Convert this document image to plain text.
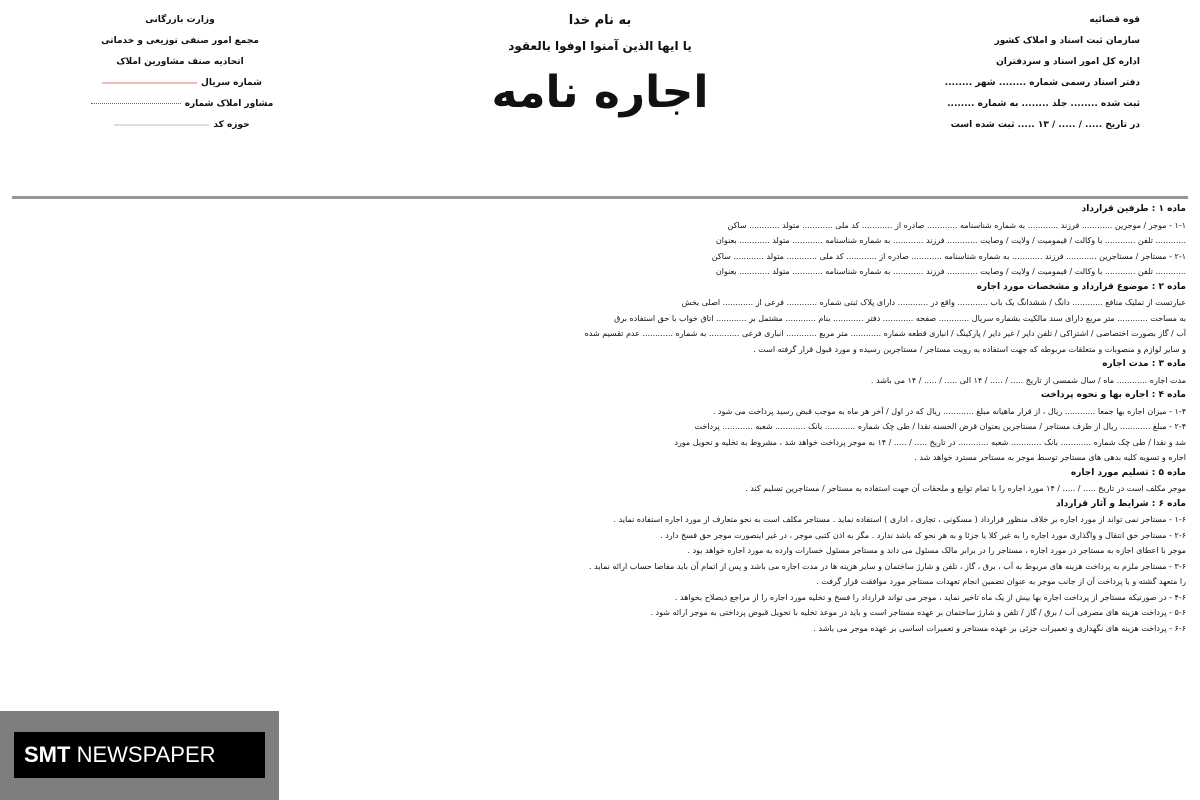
قوه قضائیه
سازمان ثبت اسناد و املاک کشور
اداره کل امور اسناد و سردفتران
دفتر اسناد رسمی شماره ........ شهر ........
ثبت شده ........ جلد ........ به شماره ........
در تاریخ ..... / ..... / ۱۳ ..... ثبت شده است
به نام خدا
یا ایها الذین آمنوا اوفوا بالعقود
اجاره نامه
وزارت بازرگانی
مجمع امور صنفی توزیعی و خدماتی
اتحادیه صنف مشاورین املاک
شماره سریال
مشاور املاک شماره
حوزه کد
ماده ۱ : طرفین قرارداد
۱-۱ - موجر / موجرین ............ فرزند ............ به شماره شناسنامه ............ صادره از ............ کد ملی ............ متولد ............ ساکن
............ تلفن ............ با وکالت / قیمومیت / ولایت / وصایت ............ فرزند ............ به شماره شناسنامه ............ متولد ............ بعنوان
۲-۱ - مستاجر / مستاجرین ............ فرزند ............ به شماره شناسنامه ............ صادره از ............ کد ملی ............ متولد ............ ساکن
............ تلفن ............ با وکالت / قیمومیت / ولایت / وصایت ............ فرزند ............ به شماره شناسنامه ............ متولد ............ بعنوان
ماده ۲ : موضوع قرارداد و مشخصات مورد اجاره
عبارتست از تملیک منافع ............ دانگ / ششدانگ یک باب ............ واقع در ............ دارای پلاک ثبتی شماره ............ فرعی از ............ اصلی بخش
به مساحت ............ متر مربع دارای سند مالکیت بشماره سریال ............ صفحه ............ دفتر ............ بنام ............ مشتمل بر ............ اتاق خواب با حق استفاده برق
آب / گاز بصورت اختصاصی / اشتراکی / تلفن دایر / غیر دایر / پارکینگ / انباری قطعه شماره ............ متر مربع ............ انباری فرعی ............ به شماره ............ عدم تقسیم شده
و سایر لوازم و منصوبات و متعلقات مربوطه که جهت استفاده به رویت مستاجر / مستاجرین رسیده و مورد قبول قرار گرفته است .
ماده ۳ : مدت اجاره
مدت اجاره ............ ماه / سال شمسی از تاریخ ..... / ..... / ۱۴ الی ..... / ..... / ۱۴ می باشد .
ماده ۴ : اجاره بها و نحوه پرداخت
۱-۴ - میزان اجاره بها جمعا ............ ریال ، از قرار ماهیانه مبلغ ............ ریال که در اول / آخر هر ماه به موجب قبض رسید پرداخت می شود .
۲-۴ - مبلغ ............ ریال از طرف مستاجر / مستاجرین بعنوان قرض الحسنه نقدا / طی چک شماره ............ بانک ............ شعبه ............ پرداخت
شد و نقدا / طی چک شماره ............ بانک ............ شعبه ............ در تاریخ ..... / ..... / ۱۴ به موجر پرداخت خواهد شد ، مشروط به تخلیه و تحویل مورد
اجاره و تسویه کلیه بدهی های مستاجر توسط موجر به مستاجر مسترد خواهد شد .
ماده ۵ : تسلیم مورد اجاره
موجر مکلف است در تاریخ ..... / ..... / ۱۴ مورد اجاره را با تمام توابع و ملحقات آن جهت استفاده به مستاجر / مستاجرین تسلیم کند .
ماده ۶ : شرایط و آثار قرارداد
۱-۶ - مستاجر نمی تواند از مورد اجاره بر خلاف منظور قرارداد ( مسکونی ، تجاری ، اداری ) استفاده نماید . مستاجر مکلف است به نحو متعارف از مورد اجاره استفاده نماید .
۲-۶ - مستاجر حق انتقال و واگذاری مورد اجاره را به غیر کلا یا جزئا و به هر نحو که باشد ندارد . مگر به اذن کتبی موجر ، در غیر اینصورت موجر حق فسخ دارد .
موجر با اعطای اجازه به مستاجر در مورد اجاره ، مستاجر را در برابر مالک مسئول می داند و مستاجر مسئول خسارات وارده به مورد اجاره خواهد بود .
۳-۶ - مستاجر ملزم به پرداخت هزینه های مربوط به آب ، برق ، گاز ، تلفن و شارژ ساختمان و سایر هزینه ها در مدت اجاره می باشد و پس از اتمام آن باید مفاصا حساب ارائه نماید .
را متعهد گشته و با پرداخت آن از جانب موجر به عنوان تضمین انجام تعهدات مستاجر مورد موافقت قرار گرفت .
۴-۶ - در صورتیکه مستاجر از پرداخت اجاره بها بیش از یک ماه تاخیر نماید ، موجر می تواند قرارداد را فسخ و تخلیه مورد اجاره را از مراجع ذیصلاح بخواهد .
۵-۶ - پرداخت هزینه های مصرفی آب / برق / گاز / تلفن و شارژ ساختمان بر عهده مستاجر است و باید در موعد تخلیه با تحویل قبوض پرداختی به موجر ارائه شود .
۶-۶ - پرداخت هزینه های نگهداری و تعمیرات جزئی بر عهده مستاجر و تعمیرات اساسی بر عهده موجر می باشد .
SMT NEWSPAPER
